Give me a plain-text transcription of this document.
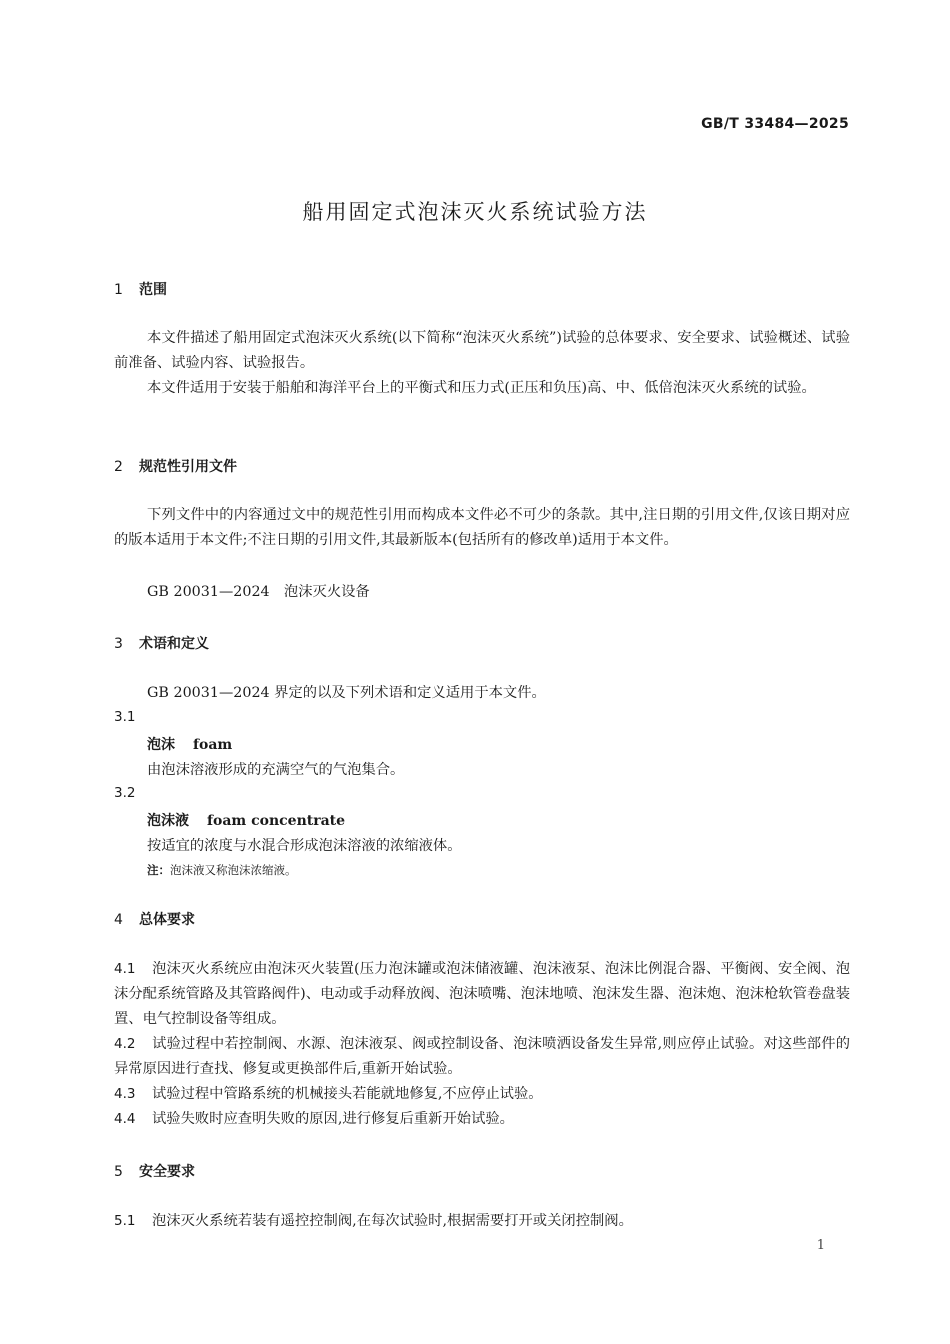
GB/T 33484—2025
船用固定式泡沫灭火系统试验方法
1 范围
本文件描述了船用固定式泡沫灭火系统(以下简称“泡沫灭火系统”)试验的总体要求、安全要求、试验概述、试验前准备、试验内容、试验报告。
本文件适用于安装于船舶和海洋平台上的平衡式和压力式(正压和负压)高、中、低倍泡沫灭火系统的试验。
2 规范性引用文件
下列文件中的内容通过文中的规范性引用而构成本文件必不可少的条款。其中,注日期的引用文件,仅该日期对应的版本适用于本文件;不注日期的引用文件,其最新版本(包括所有的修改单)适用于本文件。
GB 20031—2024　泡沫灭火设备
3 术语和定义
GB 20031—2024 界定的以及下列术语和定义适用于本文件。
3.1
泡沫 foam
由泡沫溶液形成的充满空气的气泡集合。
3.2
泡沫液 foam concentrate
按适宜的浓度与水混合形成泡沫溶液的浓缩液体。
注：泡沫液又称泡沫浓缩液。
4 总体要求
4.1 泡沫灭火系统应由泡沫灭火装置(压力泡沫罐或泡沫储液罐、泡沫液泵、泡沫比例混合器、平衡阀、安全阀、泡沫分配系统管路及其管路阀件)、电动或手动释放阀、泡沫喷嘴、泡沫地喷、泡沫发生器、泡沫炮、泡沫枪软管卷盘装置、电气控制设备等组成。
4.2 试验过程中若控制阀、水源、泡沫液泵、阀或控制设备、泡沫喷洒设备发生异常,则应停止试验。对这些部件的异常原因进行查找、修复或更换部件后,重新开始试验。
4.3 试验过程中管路系统的机械接头若能就地修复,不应停止试验。
4.4 试验失败时应查明失败的原因,进行修复后重新开始试验。
5 安全要求
5.1 泡沫灭火系统若装有遥控控制阀,在每次试验时,根据需要打开或关闭控制阀。
1
